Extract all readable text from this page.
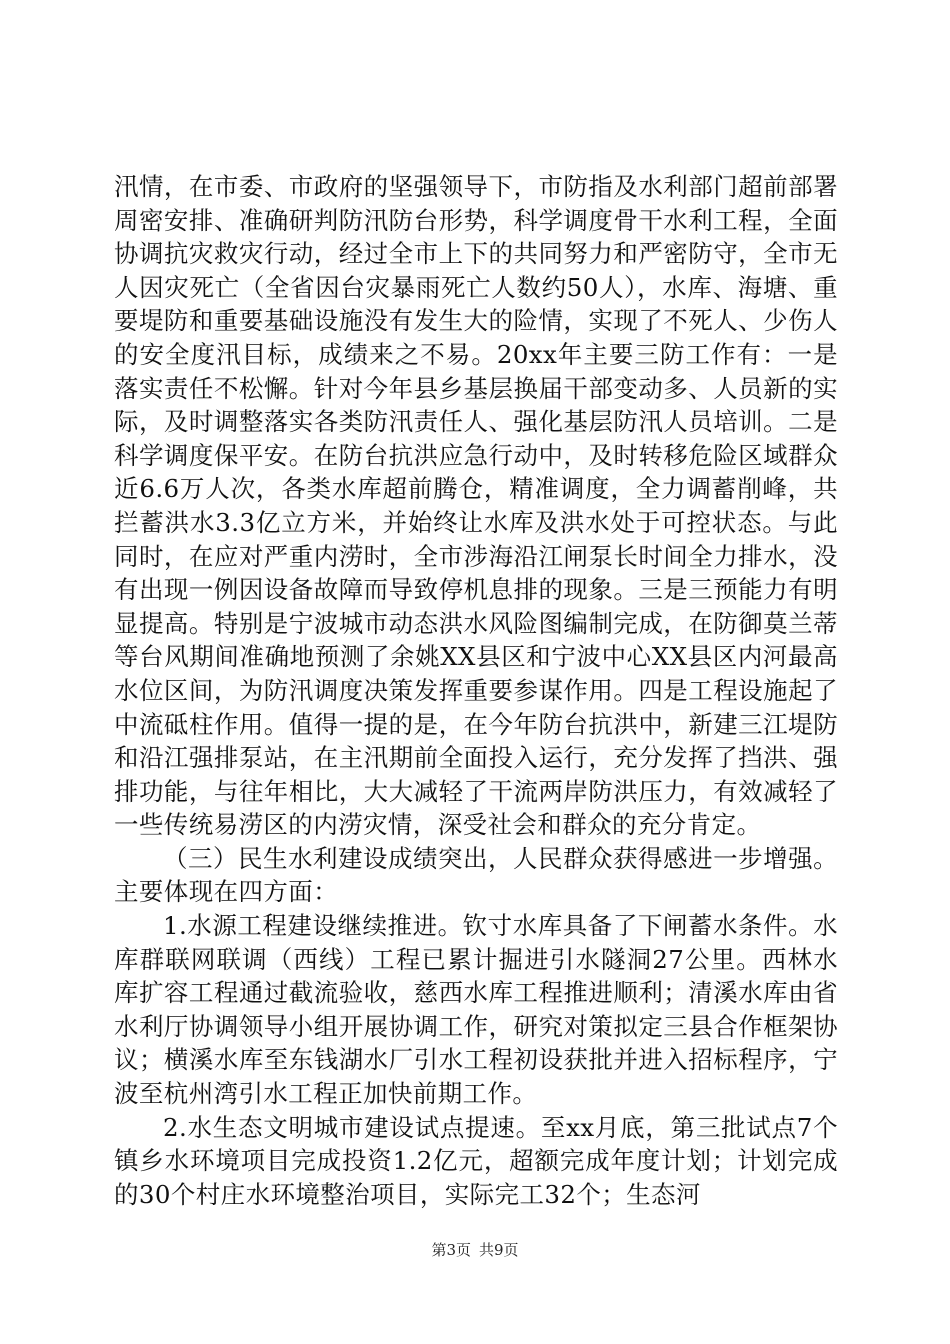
汛情，在市委、市政府的坚强领导下，市防指及水利部门超前部署周密安排、准确研判防汛防台形势，科学调度骨干水利工程，全面协调抗灾救灾行动，经过全市上下的共同努力和严密防守，全市无人因灾死亡（全省因台灾暴雨死亡人数约50人），水库、海塘、重要堤防和重要基础设施没有发生大的险情，实现了不死人、少伤人的安全度汛目标，成绩来之不易。20xx年主要三防工作有：一是落实责任不松懈。针对今年县乡基层换届干部变动多、人员新的实际，及时调整落实各类防汛责任人、强化基层防汛人员培训。二是科学调度保平安。在防台抗洪应急行动中，及时转移危险区域群众近6.6万人次，各类水库超前腾仓，精准调度，全力调蓄削峰，共拦蓄洪水3.3亿立方米，并始终让水库及洪水处于可控状态。与此同时，在应对严重内涝时，全市涉海沿江闸泵长时间全力排水，没有出现一例因设备故障而导致停机息排的现象。三是三预能力有明显提高。特别是宁波城市动态洪水风险图编制完成，在防御莫兰蒂等台风期间准确地预测了余姚XX县区和宁波中心XX县区内河最高水位区间，为防汛调度决策发挥重要参谋作用。四是工程设施起了中流砥柱作用。值得一提的是，在今年防台抗洪中，新建三江堤防和沿江强排泵站，在主汛期前全面投入运行，充分发挥了挡洪、强排功能，与往年相比，大大减轻了干流两岸防洪压力，有效减轻了一些传统易涝区的内涝灾情，深受社会和群众的充分肯定。

（三）民生水利建设成绩突出，人民群众获得感进一步增强。主要体现在四方面：

1.水源工程建设继续推进。钦寸水库具备了下闸蓄水条件。水库群联网联调（西线）工程已累计掘进引水隧洞27公里。西林水库扩容工程通过截流验收，慈西水库工程推进顺利；清溪水库由省水利厅协调领导小组开展协调工作，研究对策拟定三县合作框架协议；横溪水库至东钱湖水厂引水工程初设获批并进入招标程序，宁波至杭州湾引水工程正加快前期工作。

2.水生态文明城市建设试点提速。至xx月底，第三批试点7个镇乡水环境项目完成投资1.2亿元，超额完成年度计划；计划完成的30个村庄水环境整治项目，实际完工32个；生态河

第3页 共9页
